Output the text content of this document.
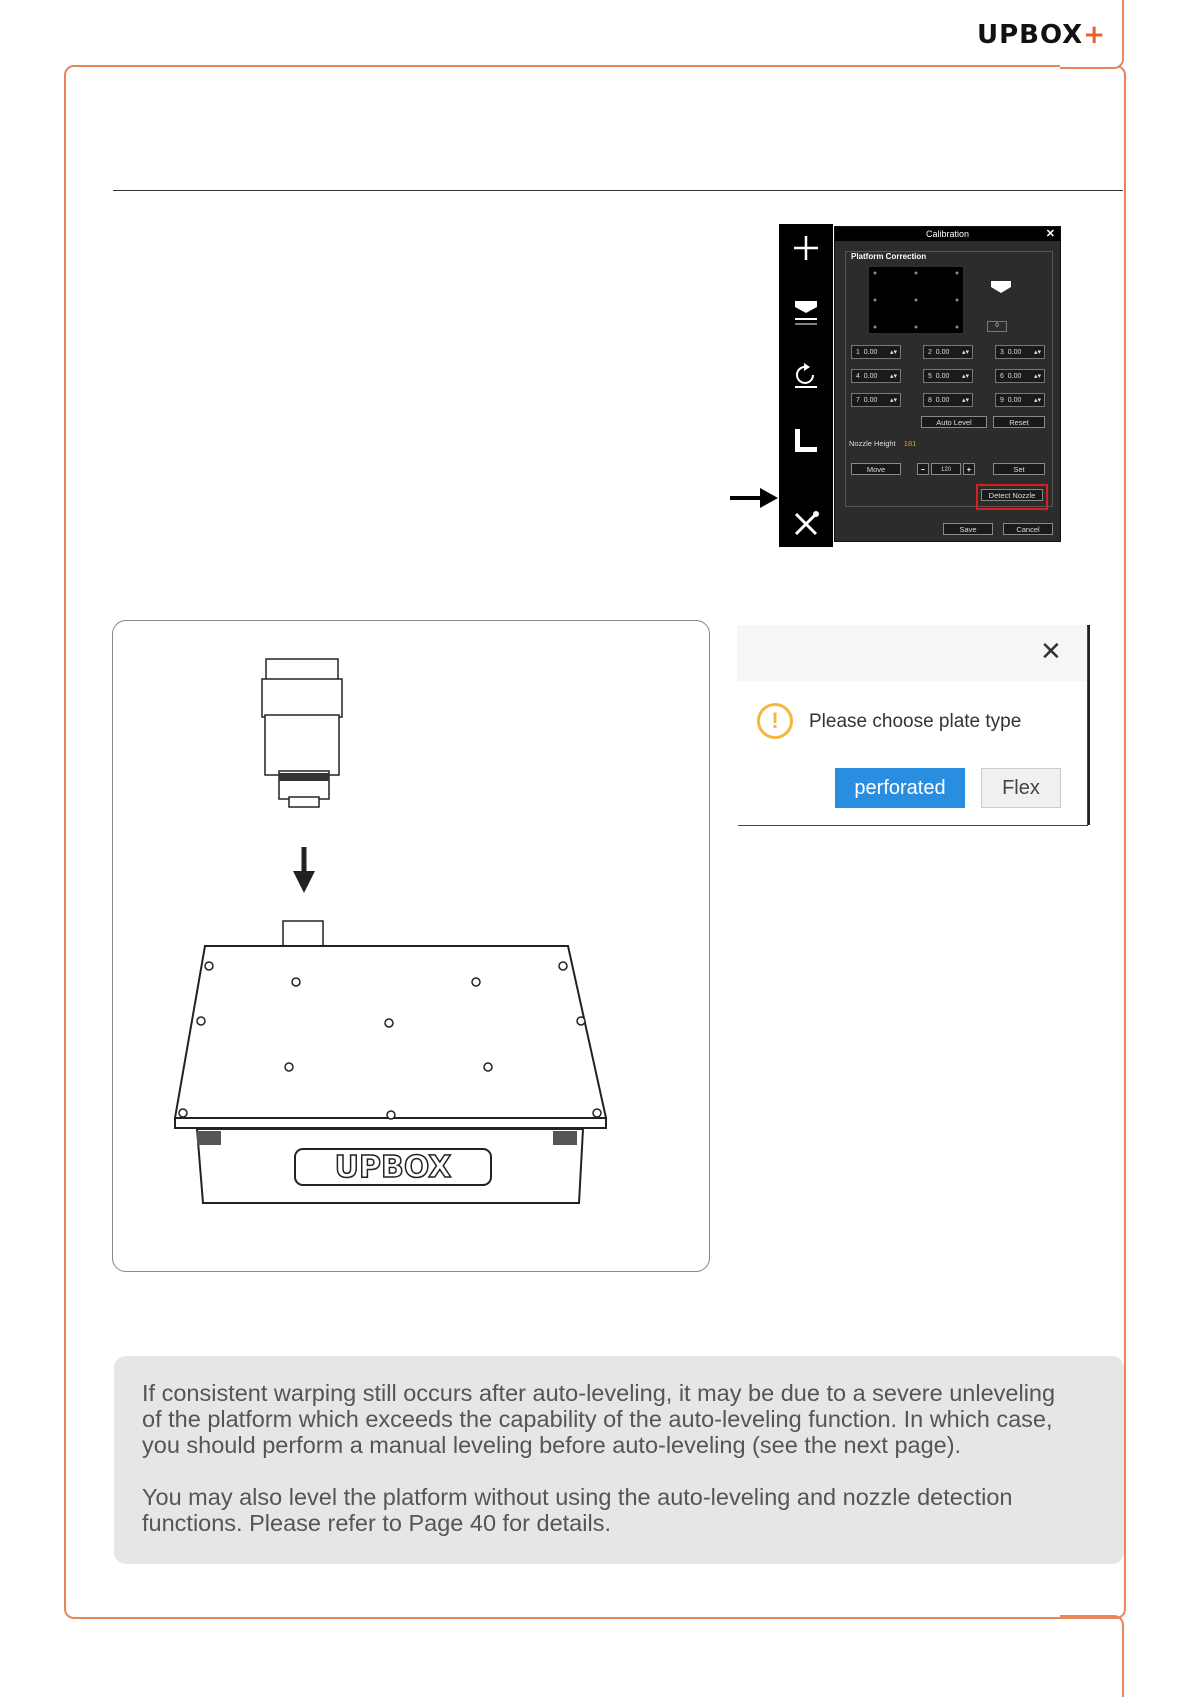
UPBOX+
Calibration	✕
Platform Correction
0
1 0.00 ▴▾	2 0.00 ▴▾	3 0.00 ▴▾
4 0.00 ▴▾	5 0.00 ▴▾	6 0.00 ▴▾
7 0.00 ▴▾	8 0.00 ▴▾	9 0.00 ▴▾
Auto Level	Reset
Nozzle Height 181
Move	−	120	+	Set
Detect Nozzle
Save	Cancel
UPBOX
✕
!	Please choose plate type
perforated	Flex

If consistent warping still occurs after auto-leveling, it may be due to a severe unleveling of the platform which exceeds the capability of the auto-leveling function. In which case, you should perform a manual leveling before auto-leveling (see the next page).

You may also level the platform without using the auto-leveling and nozzle detection functions. Please refer to Page 40 for details.
